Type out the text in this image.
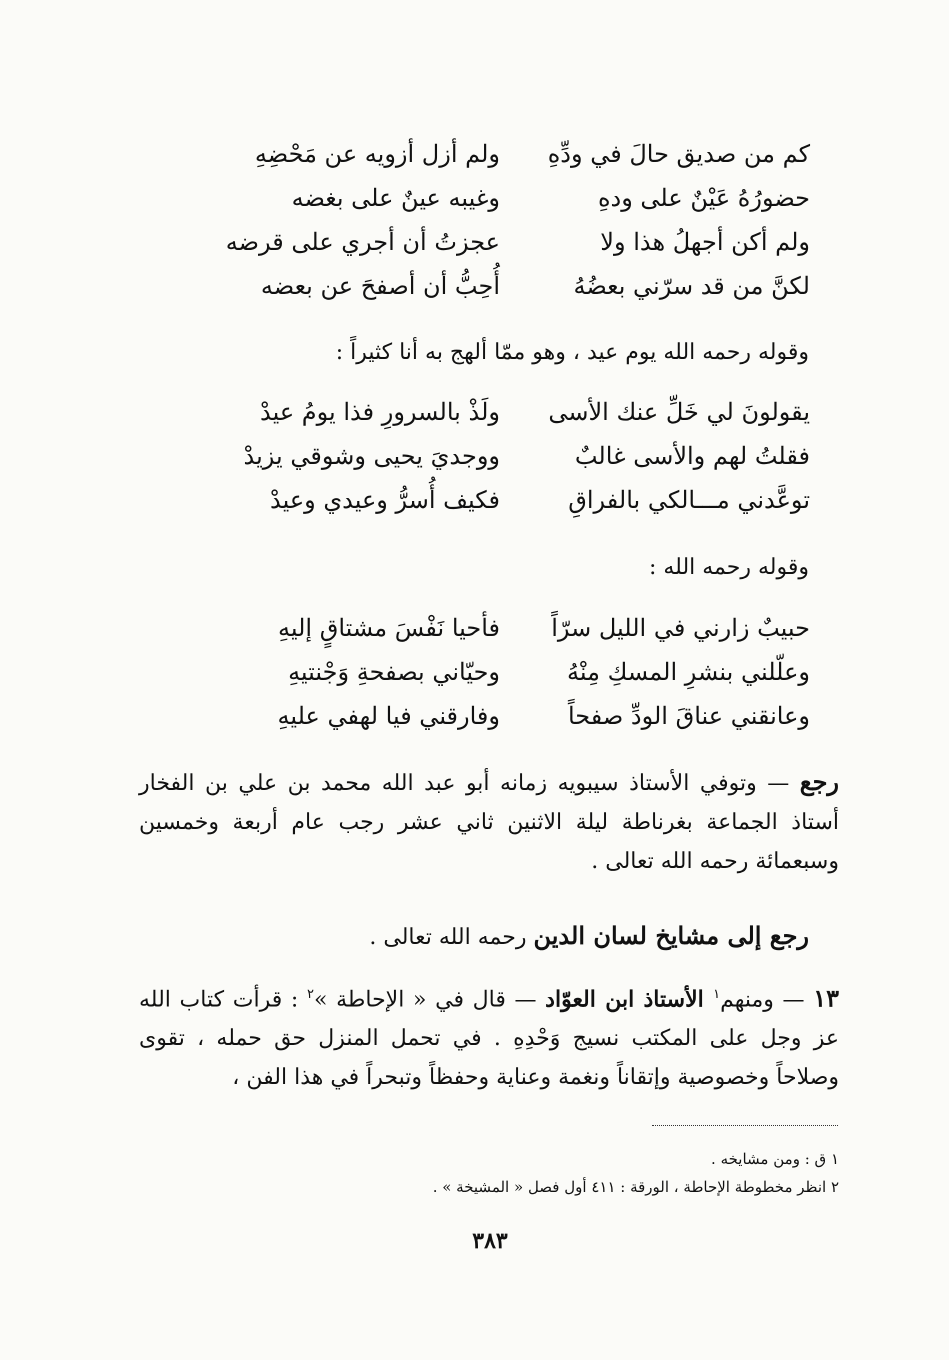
كم من صديق حالَ في ودِّهِ
ولم أزل أزويه عن مَحْضِهِ
حضورُهُ عَيْنٌ على ودهِ
وغيبه عينٌ على بغضه
ولم أكن أجهلُ هذا ولا
عجزتُ أن أجري على قرضه
لكنَّ من قد سرّني بعضُهُ
أُحِبُّ أن أصفحَ عن بعضه
وقوله رحمه الله يوم عيد ، وهو ممّا ألهج به أنا كثيراً :
يقولونَ لي خَلِّ عنك الأسى
ولَذْ بالسرورِ فذا يومُ عيدْ
فقلتُ لهم والأسى غالبٌ
ووجديَ يحيى وشوقي يزيدْ
توعَّدني مـــالكي بالفراقِ
فكيف أُسرُّ وعيدي وعيدْ
وقوله رحمه الله :
حبيبٌ زارني في الليل سرّاً
فأحيا نَفْسَ مشتاقٍ إليهِ
وعلّلني بنشرِ المسكِ مِنْهُ
وحيّاني بصفحةِ وَجْنتيهِ
وعانقني عناقَ الودِّ صفحاً
وفارقني فيا لهفي عليهِ
رجع — وتوفي الأستاذ سيبويه زمانه أبو عبد الله محمد بن علي بن الفخار أستاذ الجماعة بغرناطة ليلة الاثنين ثاني عشر رجب عام أربعة وخمسين وسبعمائة رحمه الله تعالى .
رجع إلى مشايخ لسان الدين رحمه الله تعالى .
١٣ — ومنهم$^١$ الأستاذ ابن العوّاد — قال في « الإحاطة »$^٢$ : قرأت كتاب الله عز وجل على المكتب نسيج وَحْدِهِ . في تحمل المنزل حق حمله ، تقوى وصلاحاً وخصوصية وإتقاناً ونغمة وعناية وحفظاً وتبحراً في هذا الفن ،
١ ق : ومن مشايخه .
٢ انظر مخطوطة الإحاطة ، الورقة : ٤١١ أول فصل « المشيخة » .
٣٨٣
